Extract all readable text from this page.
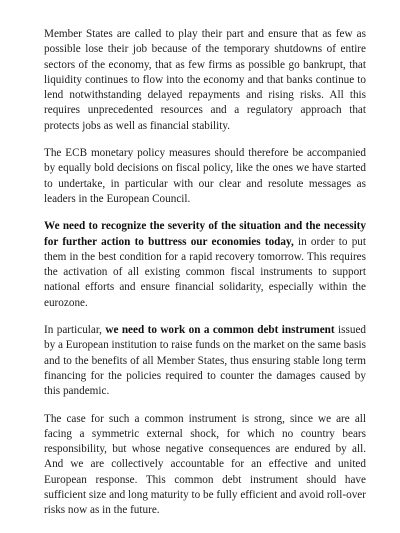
Member States are called to play their part and ensure that as few as possible lose their job because of the temporary shutdowns of entire sectors of the economy, that as few firms as possible go bankrupt, that liquidity continues to flow into the economy and that banks continue to lend notwithstanding delayed repayments and rising risks. All this requires unprecedented resources and a regulatory approach that protects jobs as well as financial stability.

The ECB monetary policy measures should therefore be accompanied by equally bold decisions on fiscal policy, like the ones we have started to undertake, in particular with our clear and resolute messages as leaders in the European Council.

We need to recognize the severity of the situation and the necessity for further action to buttress our economies today, in order to put them in the best condition for a rapid recovery tomorrow. This requires the activation of all existing common fiscal instruments to support national efforts and ensure financial solidarity, especially within the eurozone.

In particular, we need to work on a common debt instrument issued by a European institution to raise funds on the market on the same basis and to the benefits of all Member States, thus ensuring stable long term financing for the policies required to counter the damages caused by this pandemic.

The case for such a common instrument is strong, since we are all facing a symmetric external shock, for which no country bears responsibility, but whose negative consequences are endured by all. And we are collectively accountable for an effective and united European response. This common debt instrument should have sufficient size and long maturity to be fully efficient and avoid roll-over risks now as in the future.
